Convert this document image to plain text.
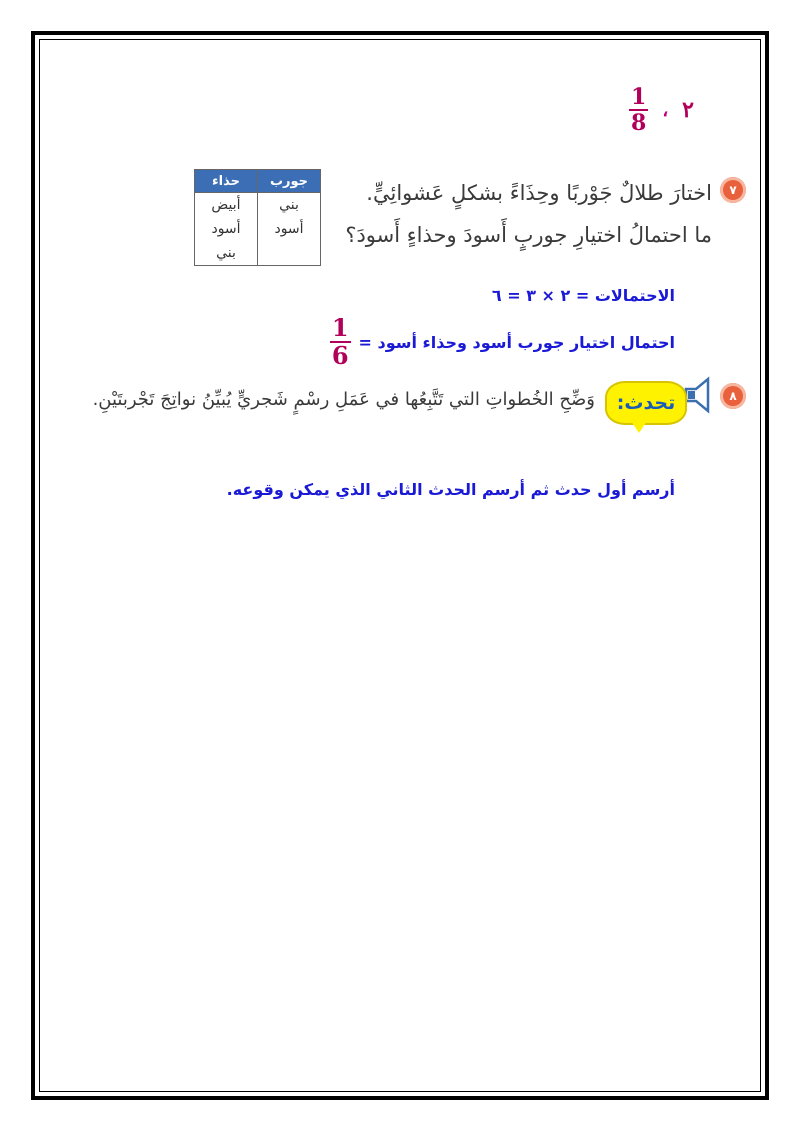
٢
،
$\frac{1}{8}$
٧
اختارَ طلالٌ جَوْربًا وحِذَاءً بشكلٍ عَشوائِيٍّ.
ما احتمالُ اختيارِ جوربٍ أَسودَ وحذاءٍ أَسودَ؟
جورب	حذاء
بني	أبيض
أسود	أسود
	بني
الاحتمالات = ٢ × ٣ = ٦
احتمال اختيار جورب أسود وحذاء أسود =
$\frac{1}{6}$
٨
تحدث:
وَضِّحِ الخُطواتِ التي تَتَّبِعُها في عَمَلِ رسْمٍ شَجريٍّ يُبيِّنُ نواتِجَ تَجْربتَيْنِ.
أرسم أول حدث ثم أرسم الحدث الثاني الذي يمكن وقوعه.
